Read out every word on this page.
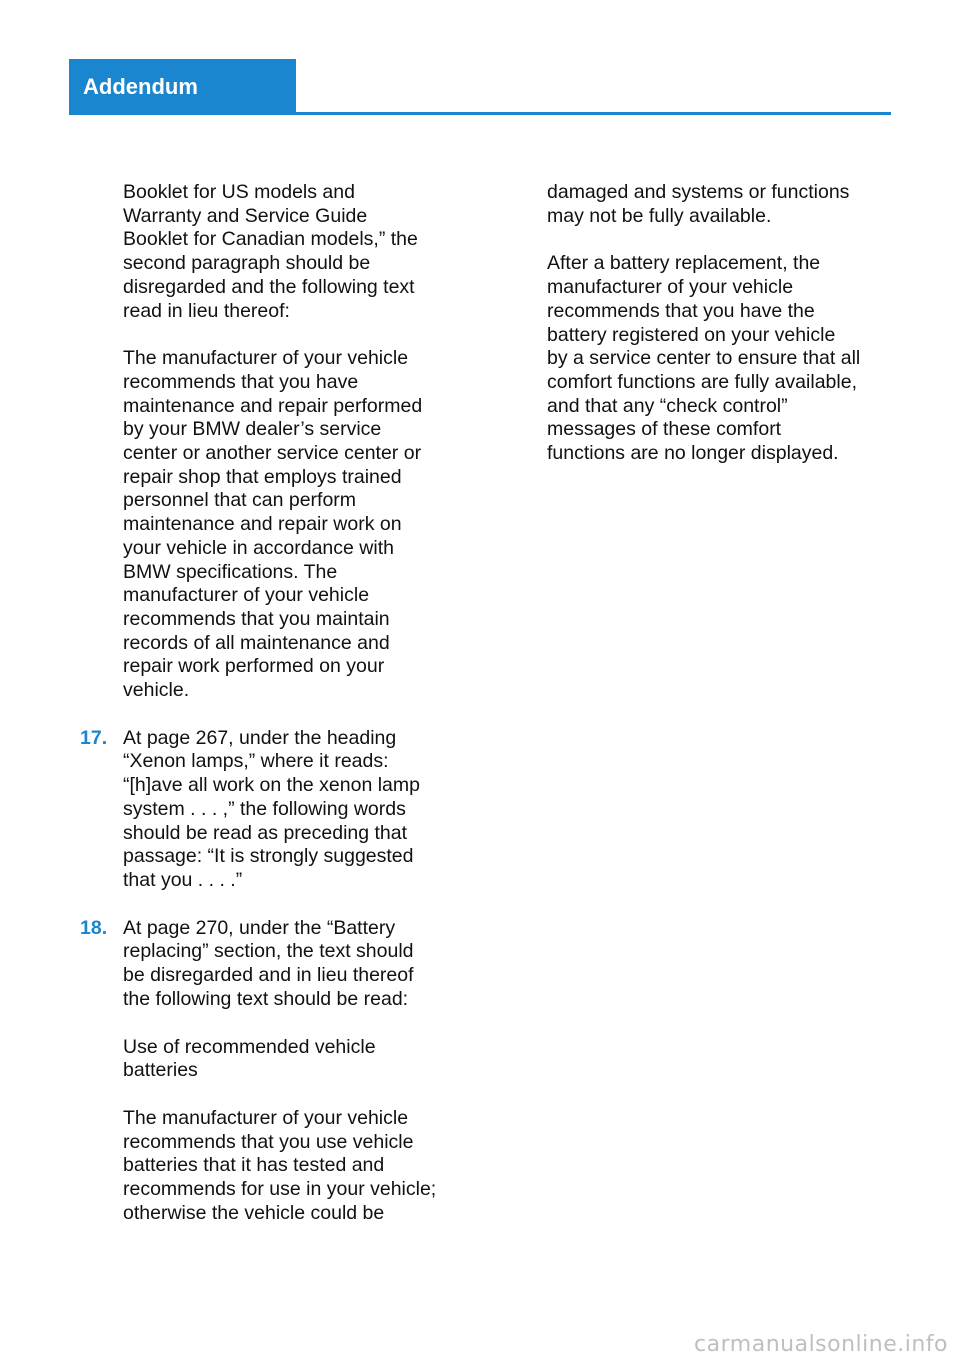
Addendum

Booklet for US models and
Warranty and Service Guide
Booklet for Canadian models,” the
second paragraph should be
disregarded and the following text
read in lieu thereof:

The manufacturer of your vehicle
recommends that you have
maintenance and repair performed
by your BMW dealer’s service
center or another service center or
repair shop that employs trained
personnel that can perform
maintenance and repair work on
your vehicle in accordance with
BMW specifications. The
manufacturer of your vehicle
recommends that you maintain
records of all maintenance and
repair work performed on your
vehicle.

17. At page 267, under the heading
“Xenon lamps,” where it reads:
“[h]ave all work on the xenon lamp
system . . . ,” the following words
should be read as preceding that
passage: “It is strongly suggested
that you . . . .”
18. At page 270, under the “Battery
replacing” section, the text should
be disregarded and in lieu thereof
the following text should be read:

Use of recommended vehicle
batteries

The manufacturer of your vehicle
recommends that you use vehicle
batteries that it has tested and
recommends for use in your vehicle;
otherwise the vehicle could be

damaged and systems or functions
may not be fully available.

After a battery replacement, the
manufacturer of your vehicle
recommends that you have the
battery registered on your vehicle
by a service center to ensure that all
comfort functions are fully available,
and that any “check control”
messages of these comfort
functions are no longer displayed.

carmanualsonline.info
